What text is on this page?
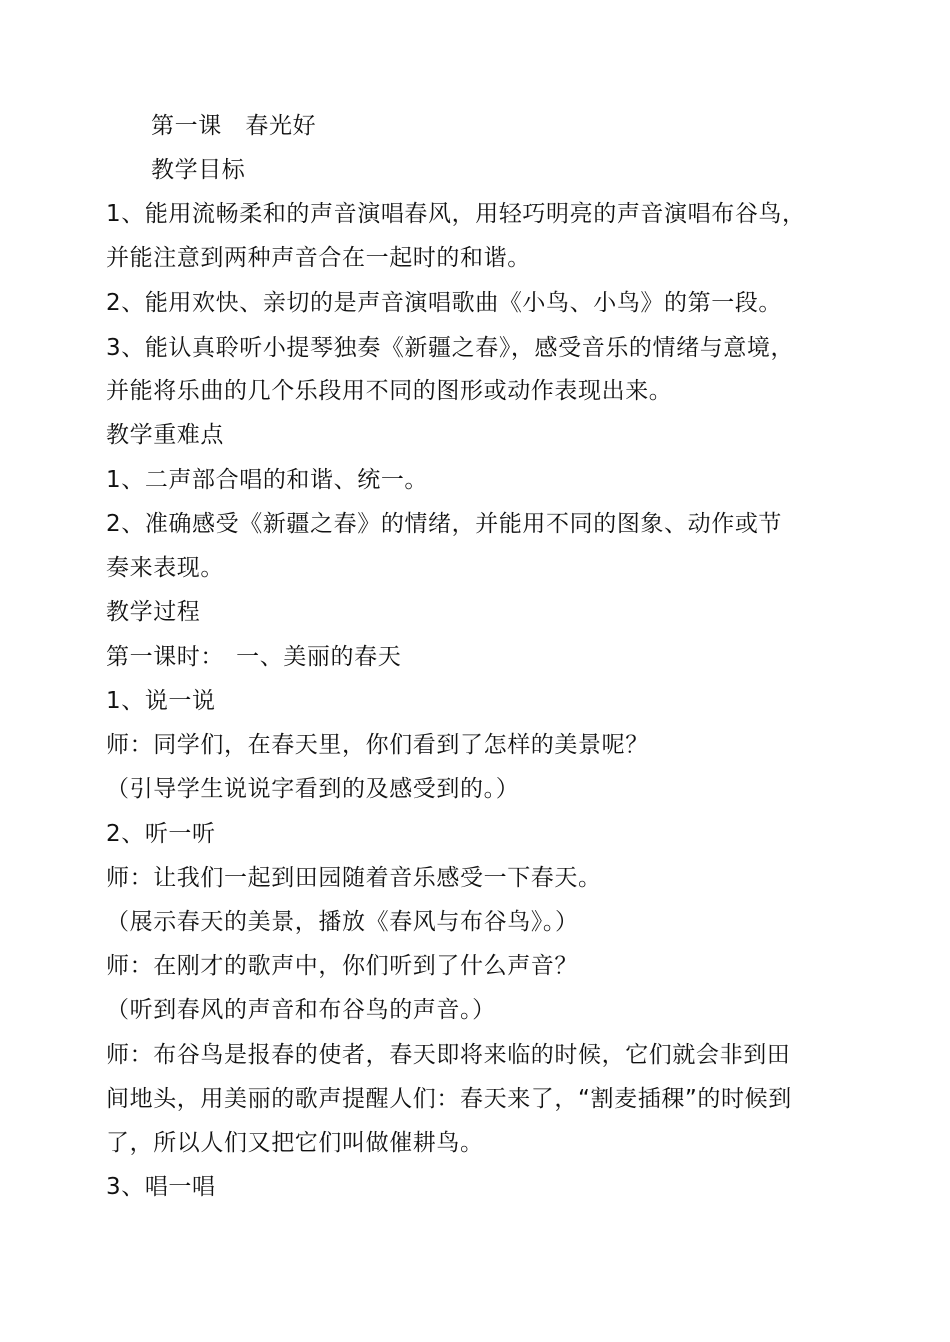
第一课　春光好
教学目标
1、能用流畅柔和的声音演唱春风，用轻巧明亮的声音演唱布谷鸟，
并能注意到两种声音合在一起时的和谐。
2、能用欢快、亲切的是声音演唱歌曲《小鸟、小鸟》的第一段。
3、能认真聆听小提琴独奏《新疆之春》，感受音乐的情绪与意境，
并能将乐曲的几个乐段用不同的图形或动作表现出来。
教学重难点
1、二声部合唱的和谐、统一。
2、准确感受《新疆之春》的情绪，并能用不同的图象、动作或节
奏来表现。
教学过程
第一课时：　一、美丽的春天
1、说一说
师：同学们，在春天里，你们看到了怎样的美景呢？
（引导学生说说字看到的及感受到的。）
2、听一听
师：让我们一起到田园随着音乐感受一下春天。
（展示春天的美景，播放《春风与布谷鸟》。）
师：在刚才的歌声中，你们听到了什么声音？
（听到春风的声音和布谷鸟的声音。）
师：布谷鸟是报春的使者，春天即将来临的时候，它们就会非到田
间地头，用美丽的歌声提醒人们：春天来了，“割麦插稞”的时候到
了，所以人们又把它们叫做催耕鸟。
3、唱一唱
